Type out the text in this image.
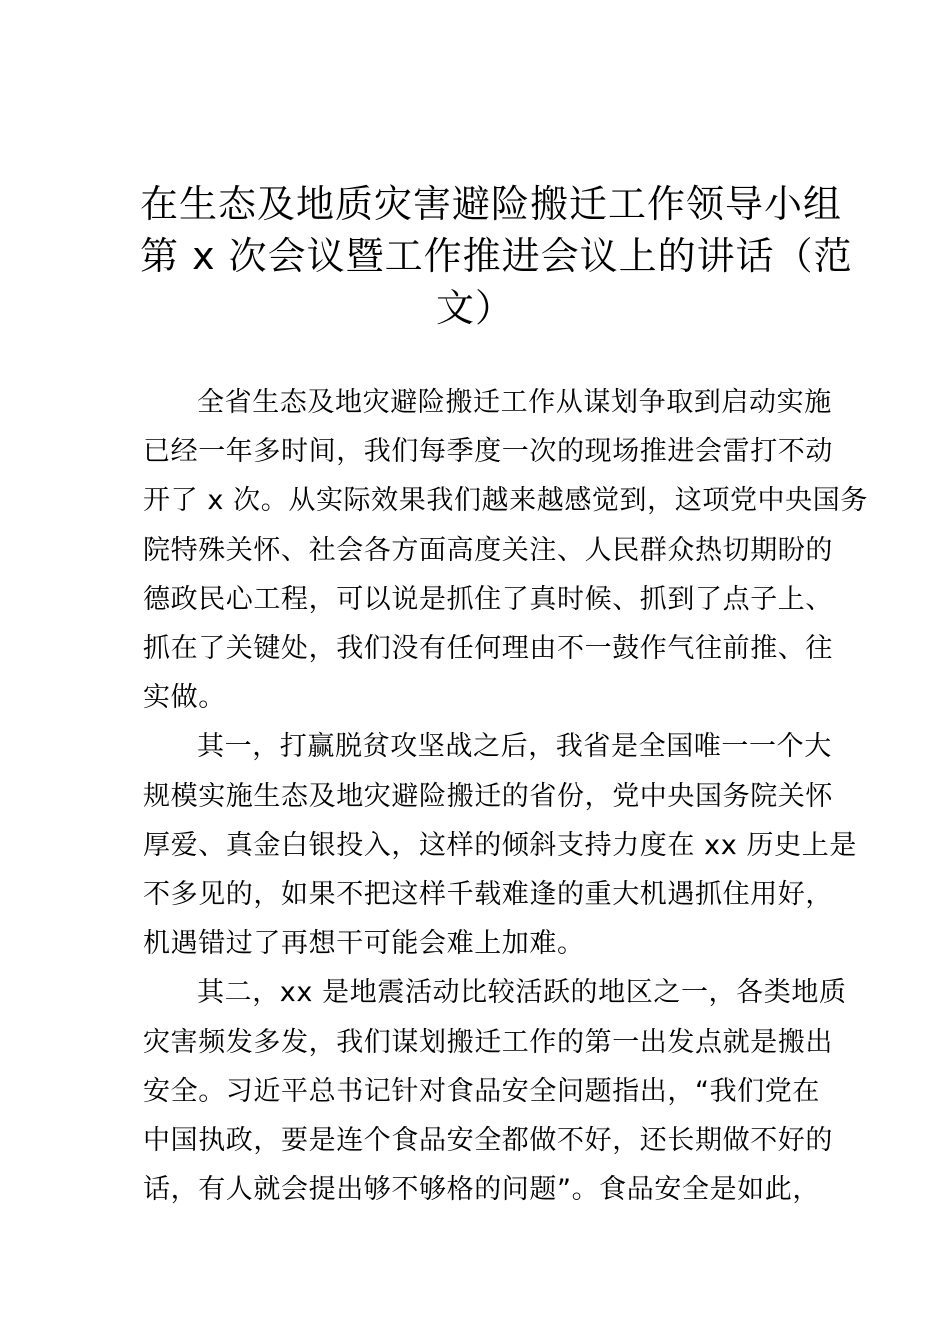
在生态及地质灾害避险搬迁工作领导小组
第 x 次会议暨工作推进会议上的讲话（范
文）

全省生态及地灾避险搬迁工作从谋划争取到启动实施
已经一年多时间，我们每季度一次的现场推进会雷打不动
开了 x 次。从实际效果我们越来越感觉到，这项党中央国务
院特殊关怀、社会各方面高度关注、人民群众热切期盼的
德政民心工程，可以说是抓住了真时候、抓到了点子上、
抓在了关键处，我们没有任何理由不一鼓作气往前推、往
实做。

其一，打赢脱贫攻坚战之后，我省是全国唯一一个大
规模实施生态及地灾避险搬迁的省份，党中央国务院关怀
厚爱、真金白银投入，这样的倾斜支持力度在 xx 历史上是
不多见的，如果不把这样千载难逢的重大机遇抓住用好，
机遇错过了再想干可能会难上加难。

其二，xx 是地震活动比较活跃的地区之一，各类地质
灾害频发多发，我们谋划搬迁工作的第一出发点就是搬出
安全。习近平总书记针对食品安全问题指出，“我们党在
中国执政，要是连个食品安全都做不好，还长期做不好的
话，有人就会提出够不够格的问题”。食品安全是如此，
